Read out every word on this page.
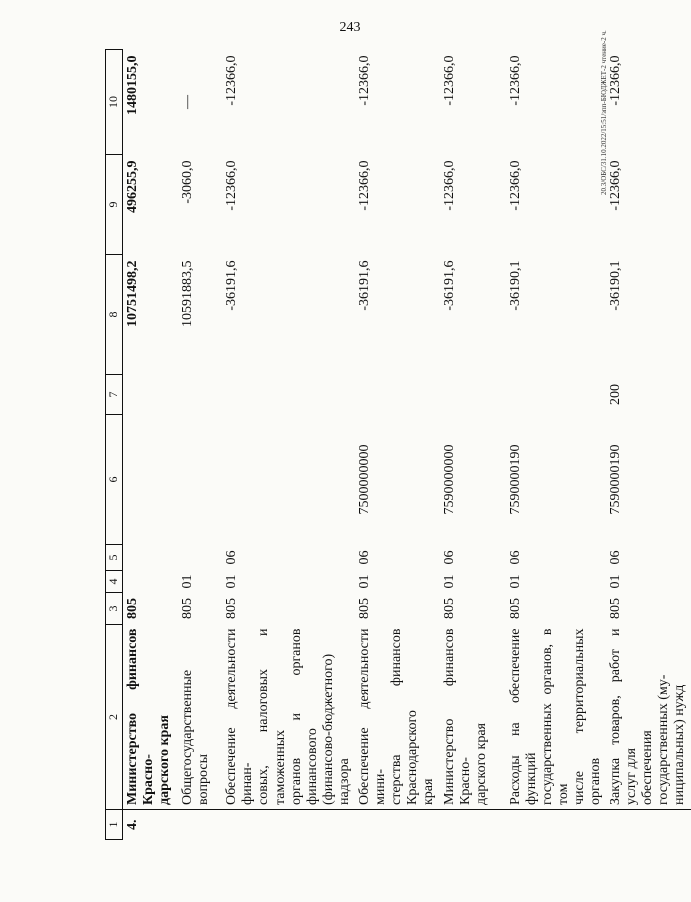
243
20.3/ОБС/31.10.2022/15:51/зпп-БЮДЖЕТ-2 чтение-2 ч.
1	2	3	4	5	6	7	8	9	10
4.	Министерство финансов Красно-
дарского края	805					10751498,2	496255,9	1480155,0
	Общегосударственные вопросы	805	01				10591883,5	-3060,0	—
	Обеспечение деятельности финан-
совых, налоговых и таможенных
органов и органов финансового
(финансово-бюджетного) надзора	805	01	06			-36191,6	-12366,0	-12366,0
	Обеспечение деятельности мини-
стерства финансов Краснодарского
края	805	01	06	7500000000		-36191,6	-12366,0	-12366,0
	Министерство финансов Красно-
дарского края	805	01	06	7590000000		-36191,6	-12366,0	-12366,0
	Расходы на обеспечение функций
государственных органов, в том
числе территориальных органов	805	01	06	7590000190		-36190,1	-12366,0	-12366,0
	Закупка товаров, работ и услуг для
обеспечения государственных (му-
ниципальных) нужд	805	01	06	7590000190	200	-36190,1	-12366,0	-12366,0
